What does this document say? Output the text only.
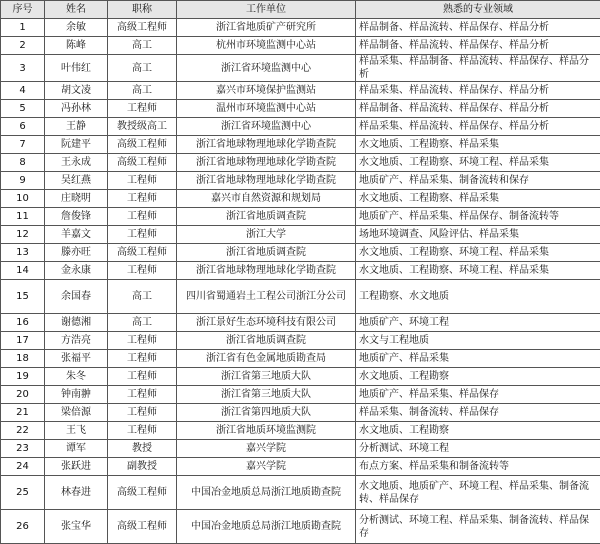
序号	姓名	职称	工作单位	熟悉的专业领域
1	余敏	高级工程师	浙江省地质矿产研究所	样品制备、样品流转、样品保存、样品分析
2	陈峰	高工	杭州市环境监测中心站	样品制备、样品流转、样品保存、样品分析
3	叶伟红	高工	浙江省环境监测中心	样品采集、样品制备、样品流转、样品保存、样品分析
4	胡文凌	高工	嘉兴市环境保护监测站	样品采集、样品流转、样品保存、样品分析
5	冯孙林	工程师	温州市环境监测中心站	样品制备、样品流转、样品保存、样品分析
6	王静	教授级高工	浙江省环境监测中心	样品采集、样品流转、样品保存、样品分析
7	阮建平	高级工程师	浙江省地球物理地球化学勘查院	水文地质、工程勘察、样品采集
8	王永成	高级工程师	浙江省地球物理地球化学勘查院	水文地质、工程勘察、环境工程、样品采集
9	吴红燕	工程师	浙江省地球物理地球化学勘查院	地质矿产、样品采集、制备流转和保存
10	庄晓明	工程师	嘉兴市自然资源和规划局	水文地质、工程勘察、样品采集
11	詹俊锋	工程师	浙江省地质调查院	地质矿产、样品采集、样品保存、制备流转等
12	羊嘉文	工程师	浙江大学	场地环境调查、风险评估、样品采集
13	滕亦旺	高级工程师	浙江省地质调查院	水文地质、工程勘察、环境工程、样品采集
14	金永康	工程师	浙江省地球物理地球化学勘查院	水文地质、工程勘察、环境工程、样品采集
15	余国春	高工	四川省蜀通岩土工程公司浙江分公司	工程勘察、水文地质
16	谢德湘	高工	浙江景好生态环境科技有限公司	地质矿产、环境工程
17	方浩亮	工程师	浙江省地质调查院	水文与工程地质
18	张福平	工程师	浙江省有色金属地质勘查局	地质矿产、样品采集
19	朱冬	工程师	浙江省第三地质大队	水文地质、工程勘察
20	钟南翀	工程师	浙江省第三地质大队	地质矿产、样品采集、样品保存
21	梁倍源	工程师	浙江省第四地质大队	样品采集、制备流转、样品保存
22	王飞	工程师	浙江省地质环境监测院	水文地质、工程勘察
23	谭军	教授	嘉兴学院	分析测试、环境工程
24	张跃进	副教授	嘉兴学院	布点方案、样品采集和制备流转等
25	林春进	高级工程师	中国冶金地质总局浙江地质勘查院	水文地质、地质矿产、环境工程、样品采集、制备流转、样品保存
26	张宝华	高级工程师	中国冶金地质总局浙江地质勘查院	分析测试、环境工程、样品采集、制备流转、样品保存
